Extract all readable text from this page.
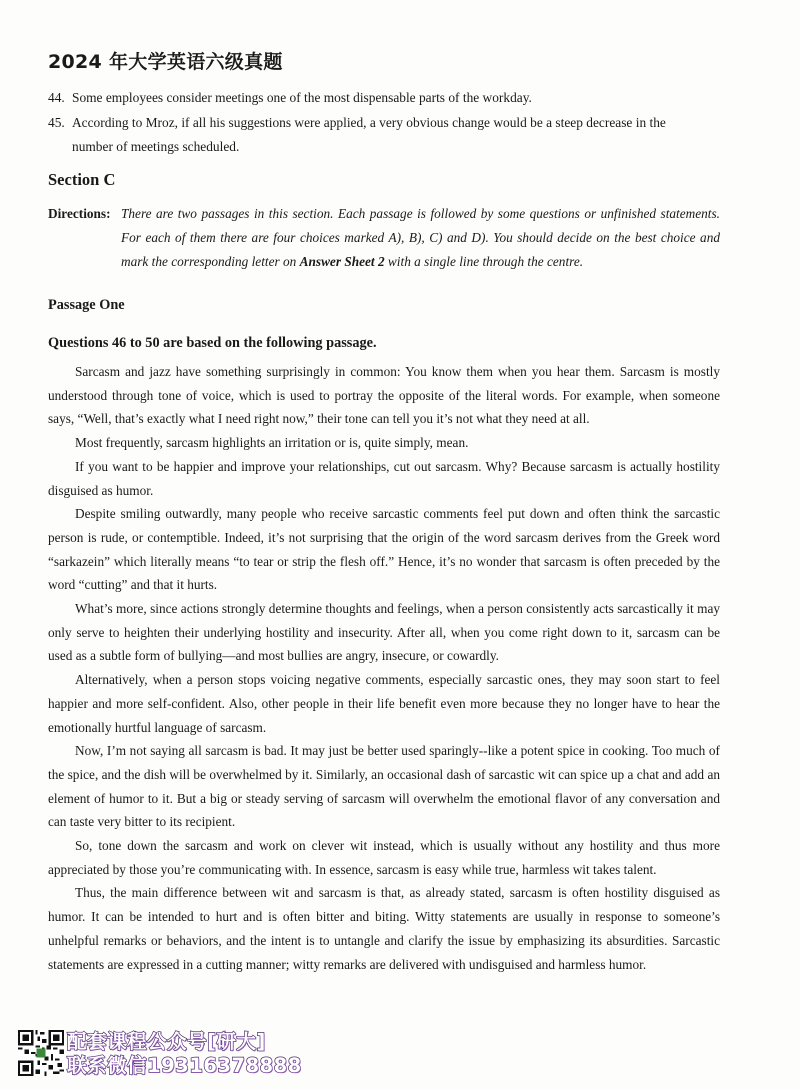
2024 年大学英语六级真题
44. Some employees consider meetings one of the most dispensable parts of the workday.
45. According to Mroz, if all his suggestions were applied, a very obvious change would be a steep decrease in the
number of meetings scheduled.
Section C
Directions: There are two passages in this section. Each passage is followed by some questions or unfinished statements. For each of them there are four choices marked A), B), C) and D). You should decide on the best choice and mark the corresponding letter on Answer Sheet 2 with a single line through the centre.
Passage One
Questions 46 to 50 are based on the following passage.

Sarcasm and jazz have something surprisingly in common: You know them when you hear them. Sarcasm is mostly understood through tone of voice, which is used to portray the opposite of the literal words. For example, when someone says, “Well, that’s exactly what I need right now,” their tone can tell you it’s not what they need at all.

Most frequently, sarcasm highlights an irritation or is, quite simply, mean.

If you want to be happier and improve your relationships, cut out sarcasm. Why? Because sarcasm is actually hostility disguised as humor.

Despite smiling outwardly, many people who receive sarcastic comments feel put down and often think the sarcastic person is rude, or contemptible. Indeed, it’s not surprising that the origin of the word sarcasm derives from the Greek word “sarkazein” which literally means “to tear or strip the flesh off.” Hence, it’s no wonder that sarcasm is often preceded by the word “cutting” and that it hurts.

What’s more, since actions strongly determine thoughts and feelings, when a person consistently acts sarcastically it may only serve to heighten their underlying hostility and insecurity. After all, when you come right down to it, sarcasm can be used as a subtle form of bullying—and most bullies are angry, insecure, or cowardly.

Alternatively, when a person stops voicing negative comments, especially sarcastic ones, they may soon start to feel happier and more self-confident. Also, other people in their life benefit even more because they no longer have to hear the emotionally hurtful language of sarcasm.

Now, I’m not saying all sarcasm is bad. It may just be better used sparingly--like a potent spice in cooking. Too much of the spice, and the dish will be overwhelmed by it. Similarly, an occasional dash of sarcastic wit can spice up a chat and add an element of humor to it. But a big or steady serving of sarcasm will overwhelm the emotional flavor of any conversation and can taste very bitter to its recipient.

So, tone down the sarcasm and work on clever wit instead, which is usually without any hostility and thus more appreciated by those you’re communicating with. In essence, sarcasm is easy while true, harmless wit takes talent.

Thus, the main difference between wit and sarcasm is that, as already stated, sarcasm is often hostility disguised as humor. It can be intended to hurt and is often bitter and biting. Witty statements are usually in response to someone’s unhelpful remarks or behaviors, and the intent is to untangle and clarify the issue by emphasizing its absurdities. Sarcastic statements are expressed in a cutting manner; witty remarks are delivered with undisguised and harmless humor.

配套课程公众号[研大]
联系微信19316378888
